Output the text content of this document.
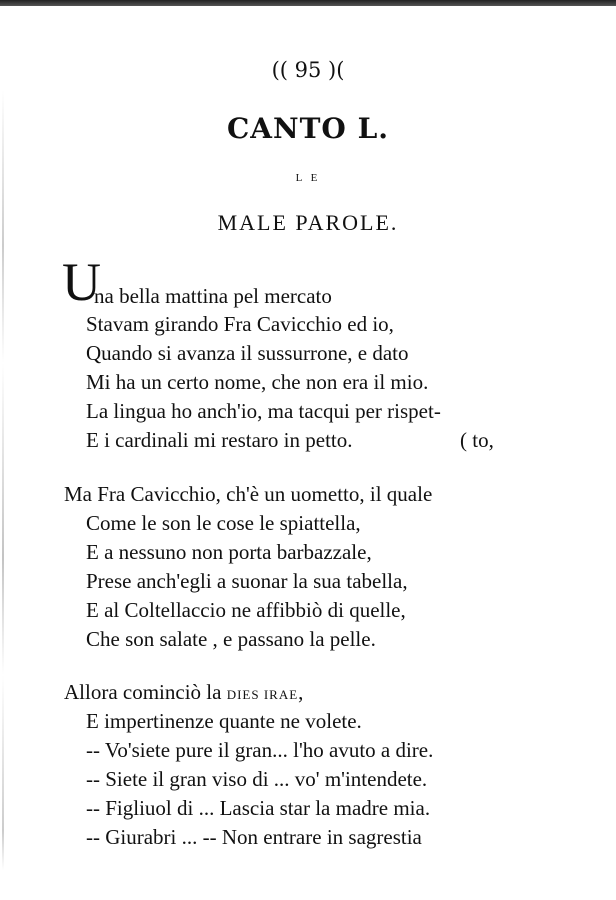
(( 95 )(
CANTO L.
L E
MALE PAROLE.
U
na bella mattina pel mercato
Stavam girando Fra Cavicchio ed io,
Quando si avanza il sussurrone, e dato
Mi ha un certo nome, che non era il mio.
La lingua ho anch'io, ma tacqui per rispet-
E i cardinali mi restaro in petto.	( to,
Ma Fra Cavicchio, ch'è un uometto, il quale
Come le son le cose le spiattella,
E a nessuno non porta barbazzale,
Prese anch'egli a suonar la sua tabella,
E al Coltellaccio ne affibbiò di quelle,
Che son salate , e passano la pelle.
Allora cominciò la DIES IRAE,
E impertinenze quante ne volete.
-- Vo'siete pure il gran... l'ho avuto a dire.
-- Siete il gran viso di ... vo' m'intendete.
-- Figliuol di ... Lascia star la madre mia.
-- Giurabri ... -- Non entrare in sagrestia
